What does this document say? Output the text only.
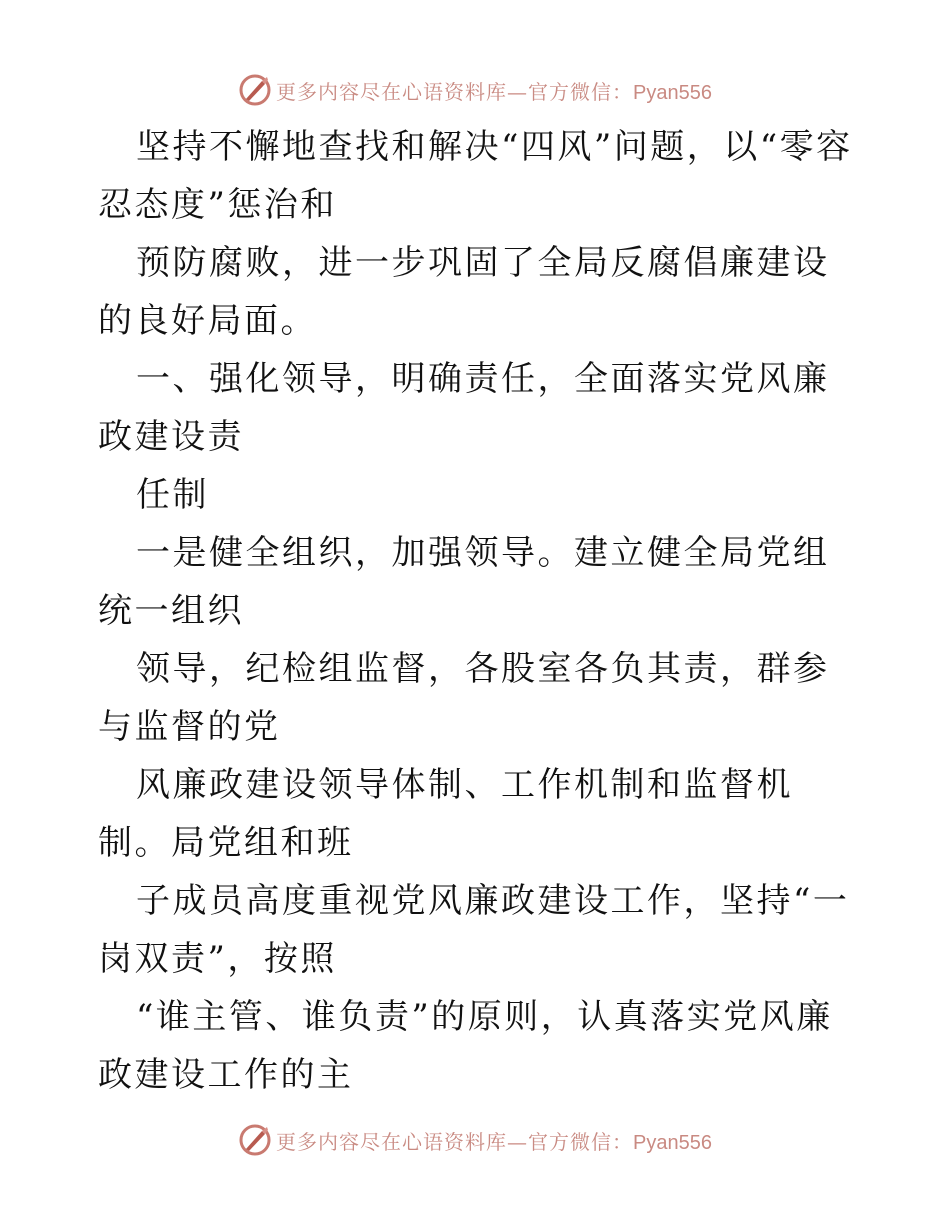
更多内容尽在心语资料库—官方微信：Pyan556

坚持不懈地查找和解决“四风”问题，以“零容忍态度”惩治和

预防腐败，进一步巩固了全局反腐倡廉建设的良好局面。

一、强化领导，明确责任，全面落实党风廉政建设责

任制

一是健全组织，加强领导。建立健全局党组统一组织

领导，纪检组监督，各股室各负其责，群参与监督的党

风廉政建设领导体制、工作机制和监督机制。局党组和班

子成员高度重视党风廉政建设工作，坚持“一岗双责”，按照

“谁主管、谁负责”的原则，认真落实党风廉政建设工作的主

更多内容尽在心语资料库—官方微信：Pyan556
